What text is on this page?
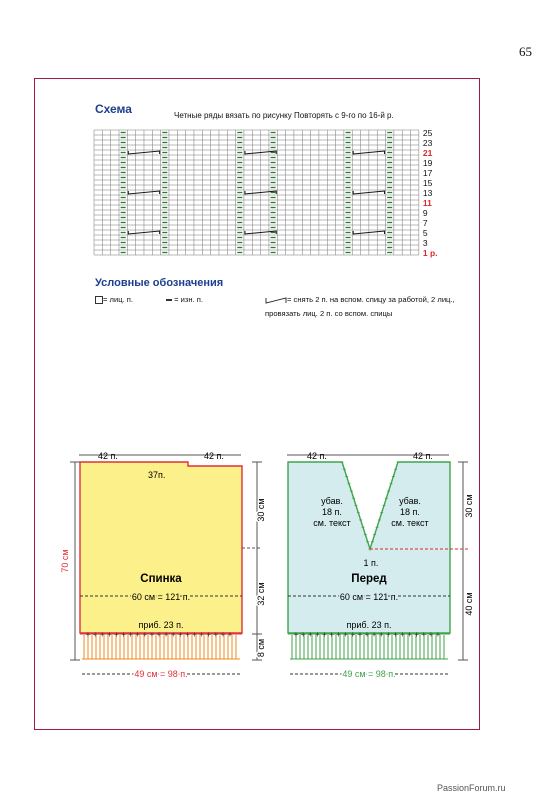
65
Схема	Четные ряды вязать по рисунку Повторять с 9-го по 16-й р.
Условные обозначения
= лиц. п.	= изн. п.	= снять 2 п. на вспом. спицу за работой, 2 лиц.,
провязать лиц. 2 п. со вспом. спицы
25
23
21
19
17
15
13
11
9
7
5
3
1 р.
+ + + + + + + + + + + + + + + + + + + + +
42 п.	42 п.
37п.
Спинка
60 см = 121 п.
приб. 23 п.
49 см = 98 п.
70 см
30 см
32 см
8 см
+ + + + + + + + + + + + + + + + + + + + +
42 п.	42 п.
убав.
18 п.
см. текст
убав.
18 п.
см. текст
1 п.
Перед
60 см = 121 п.
приб. 23 п.
49 см = 98 п.
30 см
40 см
PassionForum.ru
